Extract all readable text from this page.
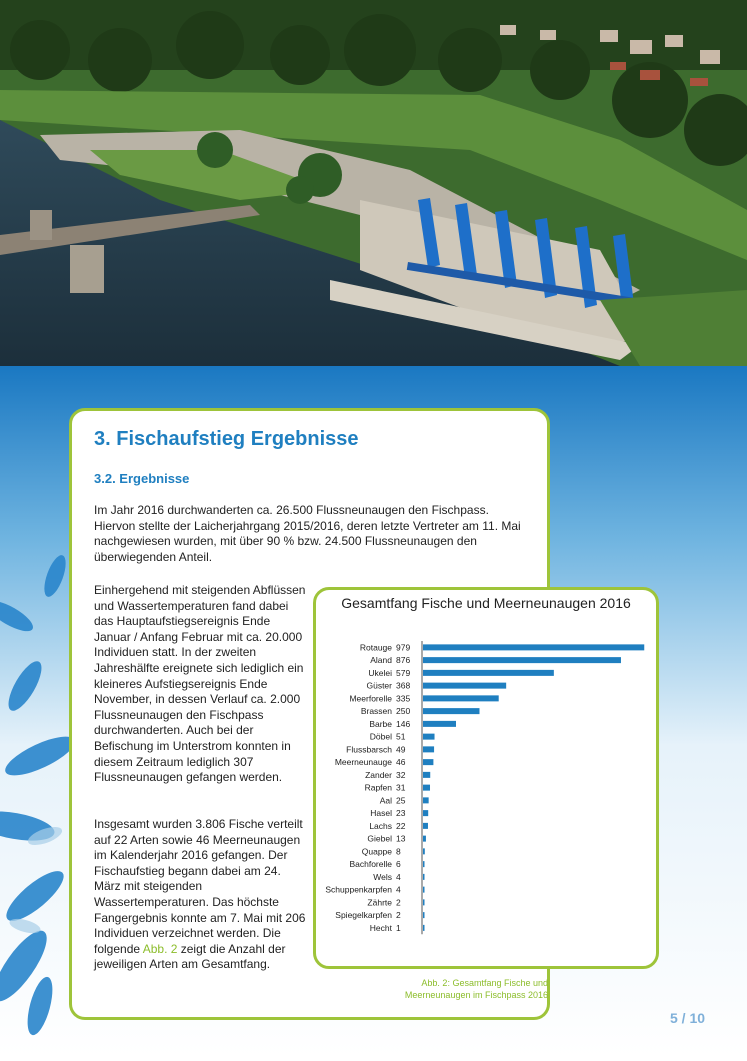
3. Fischaufstieg Ergebnisse
3.2. Ergebnisse

Im Jahr 2016 durchwanderten ca. 26.500 Flussneunaugen den Fischpass. Hiervon stellte der Laicherjahrgang 2015/2016, deren letzte Vertreter am 11. Mai nachgewiesen wurden, mit über 90 % bzw. 24.500 Flussneunaugen den überwiegenden Anteil.

Einhergehend mit steigenden Abflüssen und Wassertemperaturen fand dabei das Hauptaufstiegsereignis Ende Januar / Anfang Februar mit ca. 20.000 Individuen statt. In der zweiten Jahreshälfte ereignete sich lediglich ein kleineres Aufstiegsereignis Ende November, in dessen Verlauf ca. 2.000 Flussneunaugen den Fischpass durchwanderten. Auch bei der Befischung im Unterstrom konnten in diesem Zeitraum lediglich 307 Flussneunaugen gefangen werden.

Insgesamt wurden 3.806 Fische verteilt auf 22 Arten sowie 46 Meerneunaugen im Kalenderjahr 2016 gefangen. Der Fischaufstieg begann dabei am 24. März mit steigenden Wassertemperaturen. Das höchste Fangergebnis konnte am 7. Mai mit 206 Individuen verzeichnet werden. Die folgende Abb. 2 zeigt die Anzahl der jeweiligen Arten am Gesamtfang.

Gesamtfang Fische und Meerneunaugen 2016
Rotauge 979
Aland 876
Ukelei 579
Güster 368
Meerforelle 335
Brassen 250
Barbe 146
Döbel 51
Flussbarsch 49
Meerneunauge 46
Zander 32
Rapfen 31
Aal 25
Hasel 23
Lachs 22
Giebel 13
Quappe 8
Bachforelle 6
Wels 4
Schuppenkarpfen 4
Zährte 2
Spiegelkarpfen 2
Hecht 1
Abb. 2: Gesamtfang Fische und Meerneunaugen im Fischpass 2016
5 / 10
